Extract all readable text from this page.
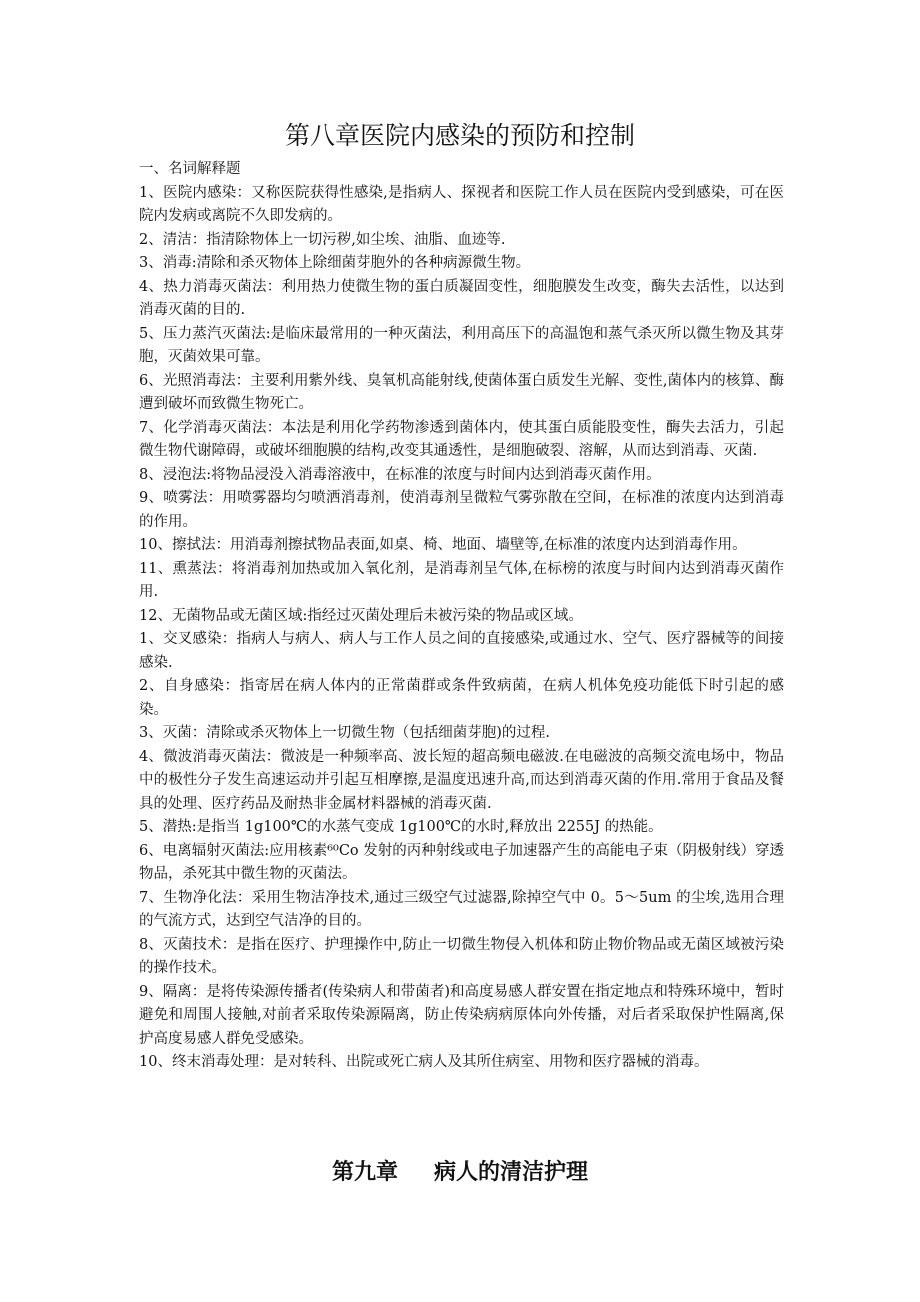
第八章医院内感染的预防和控制

一、名词解释题

1、医院内感染：又称医院获得性感染,是指病人、探视者和医院工作人员在医院内受到感染，可在医院内发病或离院不久即发病的。

2、清洁：指清除物体上一切污秽,如尘埃、油脂、血迹等.

3、消毒:清除和杀灭物体上除细菌芽胞外的各种病源微生物。

4、热力消毒灭菌法：利用热力使微生物的蛋白质凝固变性，细胞膜发生改变，酶失去活性，以达到消毒灭菌的目的.

5、压力蒸汽灭菌法:是临床最常用的一种灭菌法，利用高压下的高温饱和蒸气杀灭所以微生物及其芽胞，灭菌效果可靠。

6、光照消毒法：主要利用紫外线、臭氧机高能射线,使菌体蛋白质发生光解、变性,菌体内的核算、酶遭到破坏而致微生物死亡。

7、化学消毒灭菌法：本法是利用化学药物渗透到菌体内，使其蛋白质能股变性，酶失去活力，引起微生物代谢障碍，或破坏细胞膜的结构,改变其通透性，是细胞破裂、溶解，从而达到消毒、灭菌.

8、浸泡法:将物品浸没入消毒溶液中，在标准的浓度与时间内达到消毒灭菌作用。

9、喷雾法：用喷雾器均匀喷洒消毒剂，使消毒剂呈微粒气雾弥散在空间，在标准的浓度内达到消毒的作用。

10、擦拭法：用消毒剂擦拭物品表面,如桌、椅、地面、墙壁等,在标准的浓度内达到消毒作用。

11、熏蒸法：将消毒剂加热或加入氧化剂，是消毒剂呈气体,在标榜的浓度与时间内达到消毒灭菌作用.

12、无菌物品或无菌区域:指经过灭菌处理后未被污染的物品或区域。

1、交叉感染：指病人与病人、病人与工作人员之间的直接感染,或通过水、空气、医疗器械等的间接感染.

2、自身感染：指寄居在病人体内的正常菌群或条件致病菌，在病人机体免疫功能低下时引起的感染。

3、灭菌：清除或杀灭物体上一切微生物（包括细菌芽胞)的过程.

4、微波消毒灭菌法：微波是一种频率高、波长短的超高频电磁波.在电磁波的高频交流电场中，物品中的极性分子发生高速运动并引起互相摩擦,是温度迅速升高,而达到消毒灭菌的作用.常用于食品及餐具的处理、医疗药品及耐热非金属材料器械的消毒灭菌.

5、潜热:是指当 1g100℃的水蒸气变成 1g100℃的水时,释放出 2255J 的热能。

6、电离辐射灭菌法:应用核素⁶⁰Co 发射的丙种射线或电子加速器产生的高能电子束（阴极射线）穿透物品，杀死其中微生物的灭菌法。

7、生物净化法：采用生物洁净技术,通过三级空气过滤器,除掉空气中 0。5～5um 的尘埃,选用合理的气流方式，达到空气洁净的目的。

8、灭菌技术：是指在医疗、护理操作中,防止一切微生物侵入机体和防止物价物品或无菌区域被污染的操作技术。

9、隔离：是将传染源传播者(传染病人和带菌者)和高度易感人群安置在指定地点和特殊环境中，暂时避免和周围人接触,对前者采取传染源隔离，防止传染病病原体向外传播，对后者采取保护性隔离,保护高度易感人群免受感染。

10、终末消毒处理：是对转科、出院或死亡病人及其所住病室、用物和医疗器械的消毒。

第九章 病人的清洁护理
